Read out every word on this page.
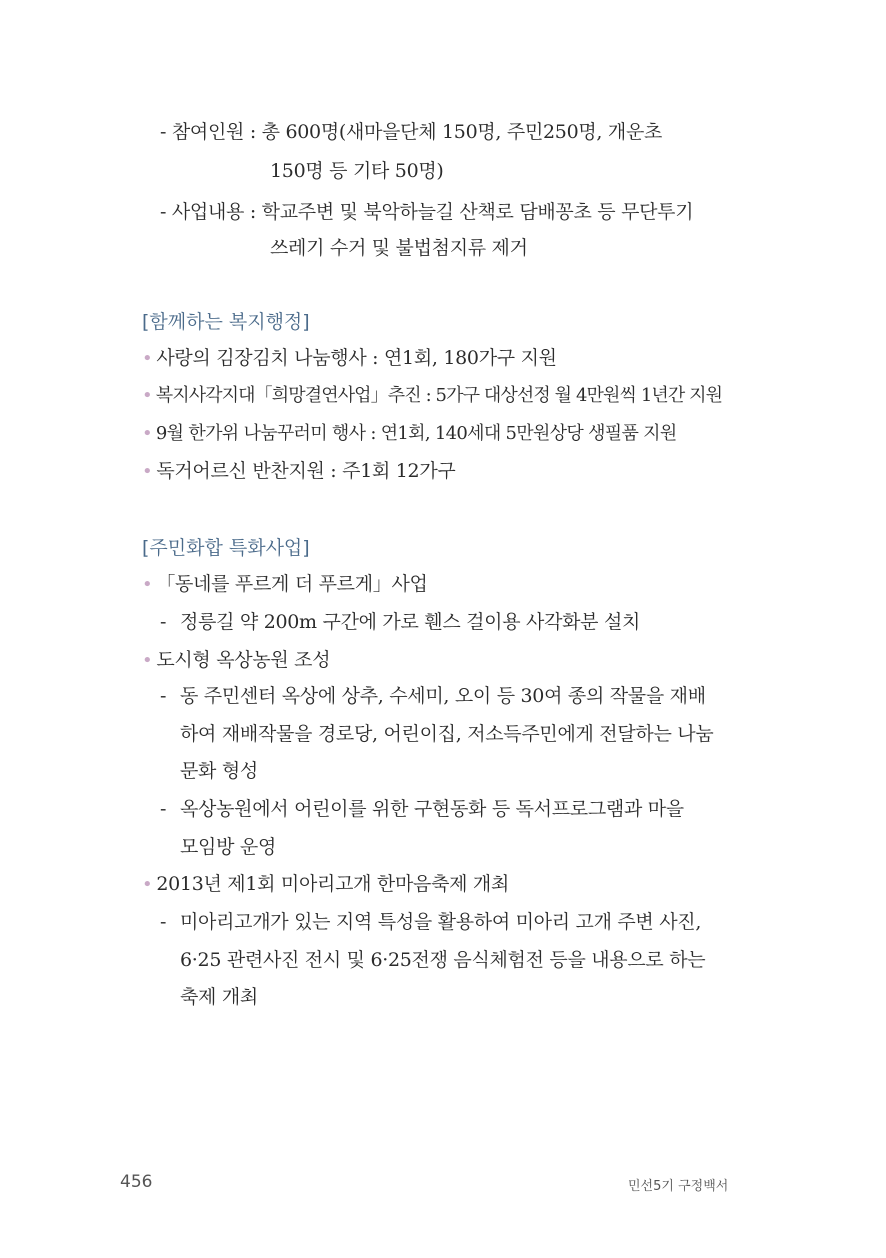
- 참여인원 : 총 600명(새마을단체 150명, 주민250명, 개운초
150명 등 기타 50명)
- 사업내용 : 학교주변 및 북악하늘길 산책로 담배꽁초 등 무단투기
쓰레기 수거 및 불법첨지류 제거
[함께하는 복지행정]
• 사랑의 김장김치 나눔행사 : 연1회, 180가구 지원
• 복지사각지대「희망결연사업」추진 : 5가구 대상선정 월 4만원씩 1년간 지원
• 9월 한가위 나눔꾸러미 행사 : 연1회, 140세대 5만원상당 생필품 지원
• 독거어르신 반찬지원 : 주1회 12가구
[주민화합 특화사업]
• 「동네를 푸르게 더 푸르게」사업
- 정릉길 약 200m 구간에 가로 휀스 걸이용 사각화분 설치
• 도시형 옥상농원 조성
- 동 주민센터 옥상에 상추, 수세미, 오이 등 30여 종의 작물을 재배
하여 재배작물을 경로당, 어린이집, 저소득주민에게 전달하는 나눔
문화 형성
- 옥상농원에서 어린이를 위한 구현동화 등 독서프로그램과 마을
모임방 운영
• 2013년 제1회 미아리고개 한마음축제 개최
- 미아리고개가 있는 지역 특성을 활용하여 미아리 고개 주변 사진,
6·25 관련사진 전시 및 6·25전쟁 음식체험전 등을 내용으로 하는
축제 개최
456	민선5기 구정백서
